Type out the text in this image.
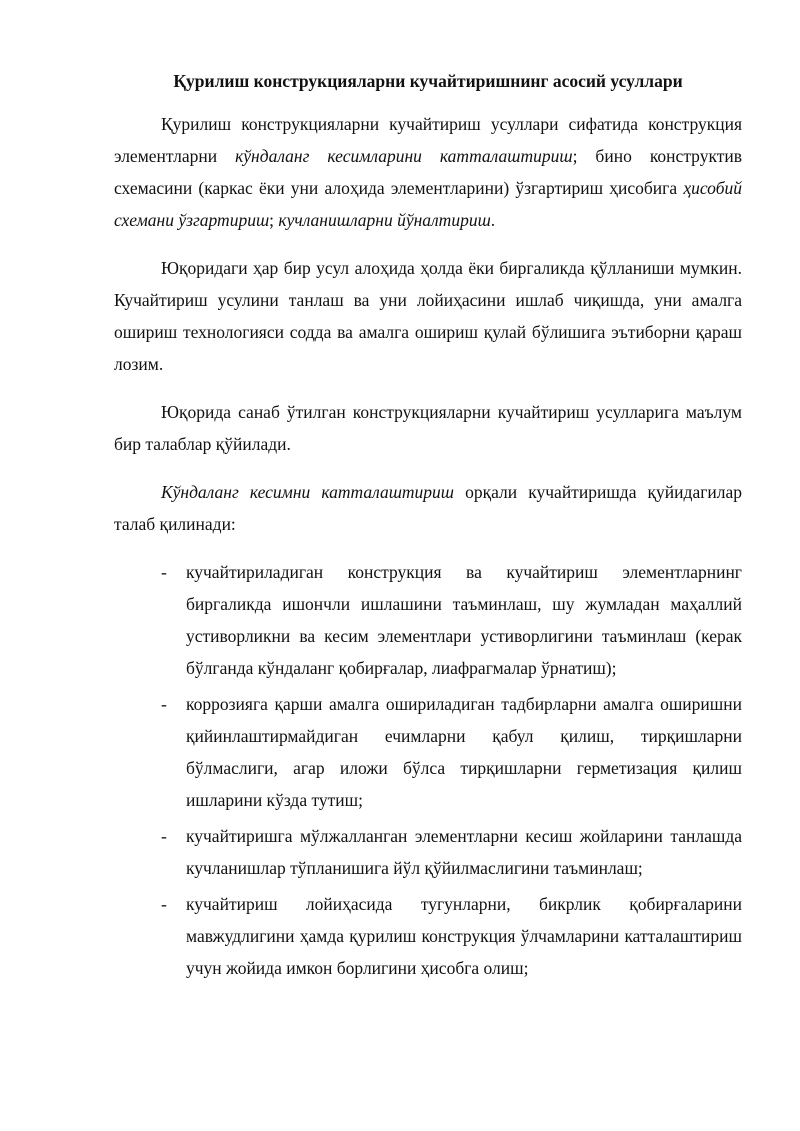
Қурилиш конструкцияларни кучайтиришнинг асосий усуллари

Қурилиш конструкцияларни кучайтириш усуллари сифатида конструкция элементларни кўндаланг кесимларини катталаштириш; бино конструктив схемасини (каркас ёки уни алоҳида элементларини) ўзгартириш ҳисобига ҳисобий схемани ўзгартириш; кучланишларни йўналтириш.

Юқоридаги ҳар бир усул алоҳида ҳолда ёки биргаликда қўлланиши мумкин. Кучайтириш усулини танлаш ва уни лойиҳасини ишлаб чиқишда, уни амалга ошириш технологияси содда ва амалга ошириш қулай бўлишига эътиборни қараш лозим.

Юқорида санаб ўтилган конструкцияларни кучайтириш усулларига маълум бир талаблар қўйилади.

Кўндаланг кесимни катталаштириш орқали кучайтиришда қуйидагилар талаб қилинади:

- кучайтириладиган конструкция ва кучайтириш элементларнинг биргаликда ишончли ишлашини таъминлаш, шу жумладан маҳаллий устиворликни ва кесим элементлари устиворлигини таъминлаш (керак бўлганда кўндаланг қобирғалар, лиафрагмалар ўрнатиш);
- коррозияга қарши амалга ошириладиган тадбирларни амалга оширишни қийинлаштирмайдиган ечимларни қабул қилиш, тирқишларни бўлмаслиги, агар иложи бўлса тирқишларни герметизация қилиш ишларини кўзда тутиш;
- кучайтиришга мўлжалланган элементларни кесиш жойларини танлашда кучланишлар тўпланишига йўл қўйилмаслигини таъминлаш;
- кучайтириш лойиҳасида тугунларни, бикрлик қобирғаларини мавжудлигини ҳамда қурилиш конструкция ўлчамларини катталаштириш учун жойида имкон борлигини ҳисобга олиш;
